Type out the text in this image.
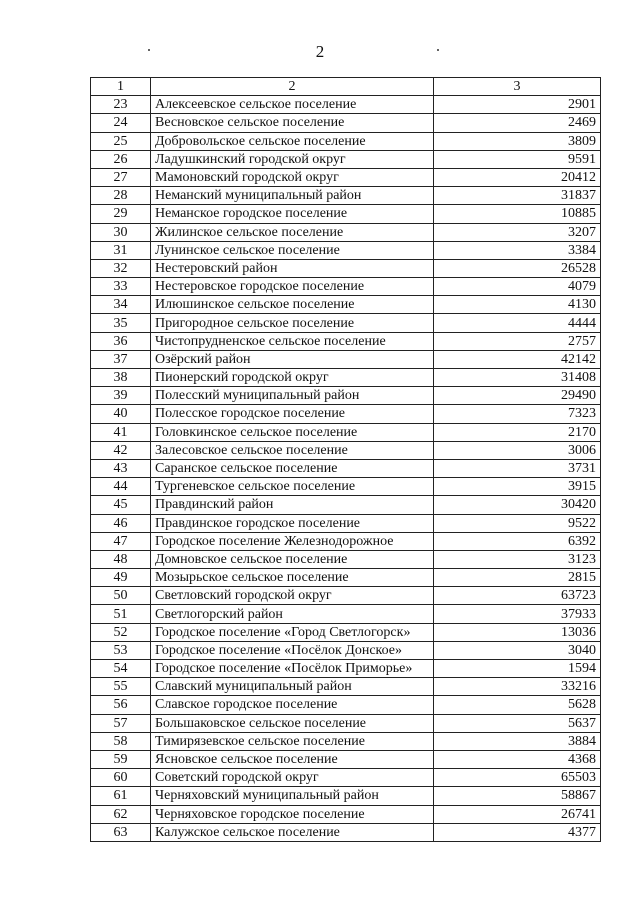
2
1	2	3
23	Алексеевское сельское поселение	2901
24	Весновское сельское поселение	2469
25	Добровольское сельское поселение	3809
26	Ладушкинский городской округ	9591
27	Мамоновский городской округ	20412
28	Неманский муниципальный район	31837
29	Неманское городское поселение	10885
30	Жилинское сельское поселение	3207
31	Лунинское сельское поселение	3384
32	Нестеровский район	26528
33	Нестеровское городское поселение	4079
34	Илюшинское сельское поселение	4130
35	Пригородное сельское поселение	4444
36	Чистопрудненское сельское поселение	2757
37	Озёрский район	42142
38	Пионерский городской округ	31408
39	Полесский муниципальный район	29490
40	Полесское городское поселение	7323
41	Головкинское сельское поселение	2170
42	Залесовское сельское поселение	3006
43	Саранское сельское поселение	3731
44	Тургеневское сельское поселение	3915
45	Правдинский район	30420
46	Правдинское городское поселение	9522
47	Городское поселение Железнодорожное	6392
48	Домновское сельское поселение	3123
49	Мозырьское сельское поселение	2815
50	Светловский городской округ	63723
51	Светлогорский район	37933
52	Городское поселение «Город Светлогорск»	13036
53	Городское поселение «Посёлок Донское»	3040
54	Городское поселение «Посёлок Приморье»	1594
55	Славский муниципальный район	33216
56	Славское городское поселение	5628
57	Большаковское сельское поселение	5637
58	Тимирязевское сельское поселение	3884
59	Ясновское сельское поселение	4368
60	Советский городской округ	65503
61	Черняховский муниципальный район	58867
62	Черняховское городское поселение	26741
63	Калужское сельское поселение	4377
